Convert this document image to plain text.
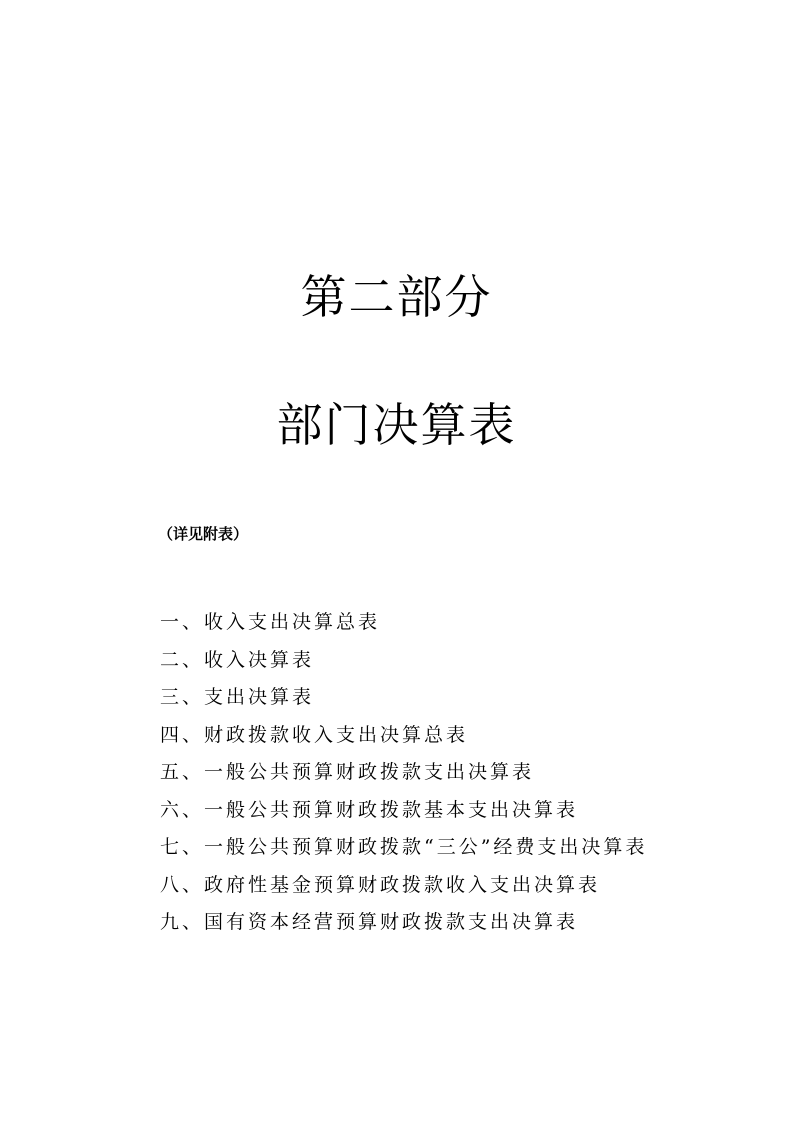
第二部分
部门决算表
（详见附表）
一、收入支出决算总表
二、收入决算表
三、支出决算表
四、财政拨款收入支出决算总表
五、一般公共预算财政拨款支出决算表
六、一般公共预算财政拨款基本支出决算表
七、一般公共预算财政拨款“三公”经费支出决算表
八、政府性基金预算财政拨款收入支出决算表
九、国有资本经营预算财政拨款支出决算表
